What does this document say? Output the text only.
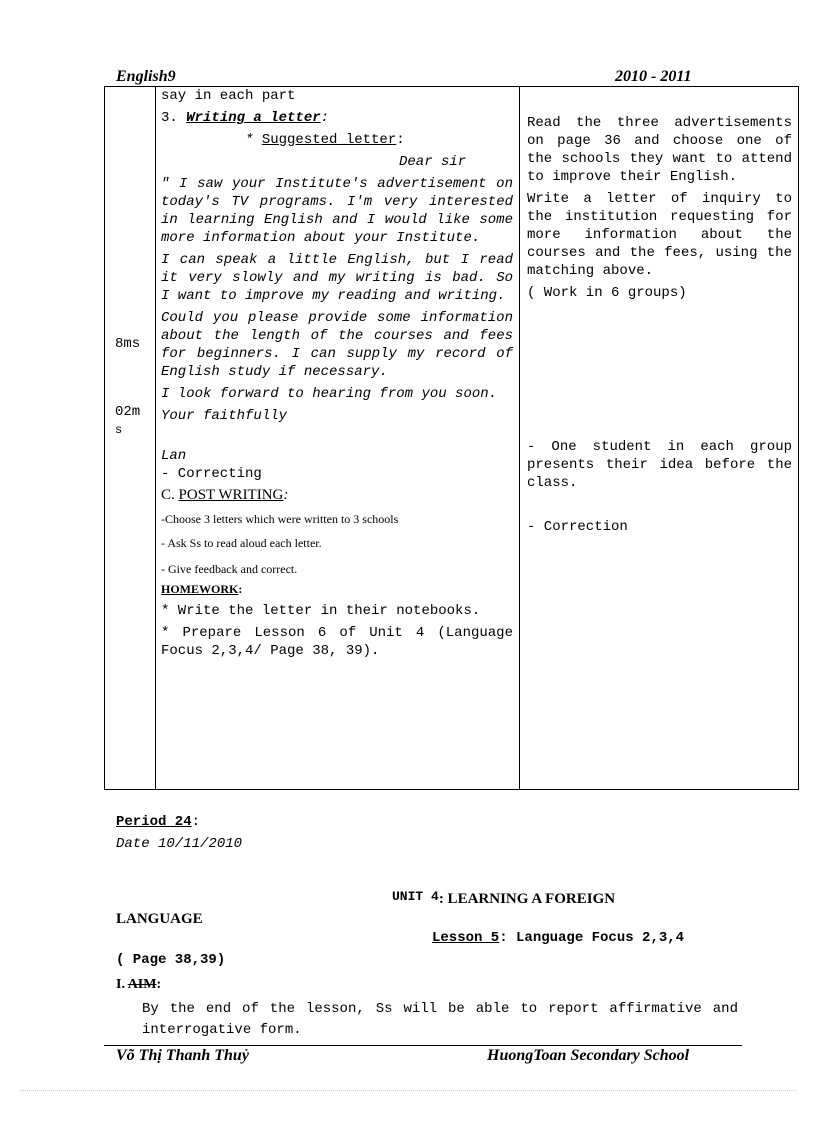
English9	2010 - 2011
8ms
02m
s
say in each part
3. Writing a letter:
* Suggested letter:
Dear sir
" I saw your Institute's advertisement on today's TV programs. I'm very interested in learning English and I would like some more information about your Institute.
I can speak a little English, but I read it very slowly and my writing is bad. So I want to improve my reading and writing.
Could you please provide some information about the length of the courses and fees for beginners. I can supply my record of English study if necessary.
I look forward to hearing from you soon.
Your faithfully
Lan
- Correcting
C. POST WRITING:
-Choose 3 letters which were written to 3 schools
- Ask Ss to read aloud each letter.
- Give feedback and correct.
HOMEWORK:
* Write the letter in their notebooks.
* Prepare Lesson 6 of Unit 4 (Language Focus 2,3,4/ Page 38, 39).
Read the three advertisements on page 36 and choose one of the schools they want to attend to improve their English.
Write a letter of inquiry to the institution requesting for more information about the courses and the fees, using the matching above.
( Work in 6 groups)
- One student in each group presents their idea before the class.
- Correction
Period 24:
Date 10/11/2010
UNIT 4: LEARNING A FOREIGN
LANGUAGE
Lesson 5: Language Focus 2,3,4
( Page 38,39)
I. AIM:
By the end of the lesson, Ss will be able to report affirmative and interrogative form.
Võ Thị Thanh Thuỷ	HuongToan Secondary School
